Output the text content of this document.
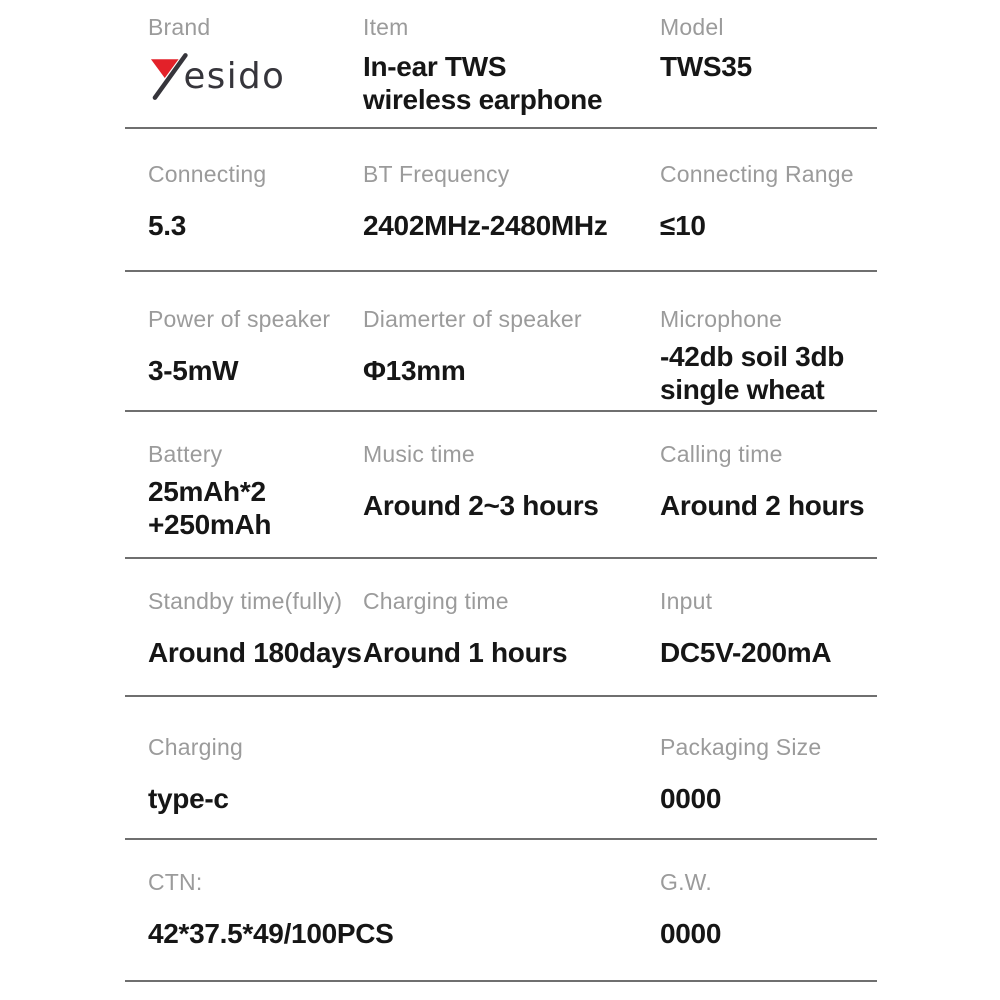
Brand
esido
Item
In-ear TWS
wireless earphone
Model
TWS35
Connecting
5.3
BT Frequency
2402MHz-2480MHz
Connecting Range
≤10
Power of speaker
3-5mW
Diamerter of speaker
Φ13mm
Microphone
-42db soil 3db
single wheat
Battery
25mAh*2
+250mAh
Music time
Around 2~3 hours
Calling time
Around 2 hours
Standby time(fully)
Around 180days
Charging time
Around 1 hours
Input
DC5V-200mA
Charging
type-c
Packaging Size
0000
CTN:
42*37.5*49/100PCS
G.W.
0000
